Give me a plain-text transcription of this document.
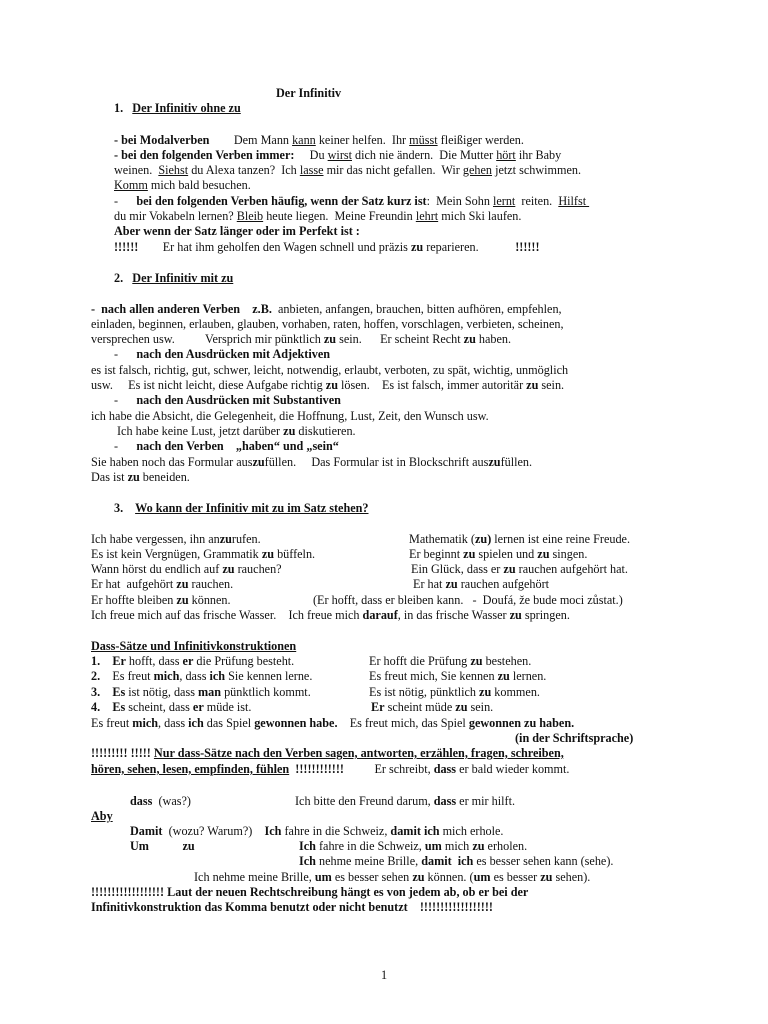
Der Infinitiv
1.   Der Infinitiv ohne zu
- bei Modalverben        Dem Mann kann keiner helfen.  Ihr müsst fleißiger werden.
- bei den folgenden Verben immer:     Du wirst dich nie ändern.  Die Mutter hört ihr Baby
weinen.  Siehst du Alexa tanzen?  Ich lasse mir das nicht gefallen.  Wir gehen jetzt schwimmen.
Komm mich bald besuchen.
-      bei den folgenden Verben häufig, wenn der Satz kurz ist:  Mein Sohn lernt  reiten.  Hilfst
du mir Vokabeln lernen? Bleib heute liegen.  Meine Freundin lehrt mich Ski laufen.
Aber wenn der Satz länger oder im Perfekt ist :
!!!!!!        Er hat ihm geholfen den Wagen schnell und präzis zu reparieren.            !!!!!!
2.   Der Infinitiv mit zu
-  nach allen anderen Verben    z.B.  anbieten, anfangen, brauchen, bitten aufhören, empfehlen,
einladen, beginnen, erlauben, glauben, vorhaben, raten, hoffen, vorschlagen, verbieten, scheinen,
versprechen usw.          Versprich mir pünktlich zu sein.      Er scheint Recht zu haben.
-      nach den Ausdrücken mit Adjektiven
es ist falsch, richtig, gut, schwer, leicht, notwendig, erlaubt, verboten, zu spät, wichtig, unmöglich
usw.     Es ist nicht leicht, diese Aufgabe richtig zu lösen.    Es ist falsch, immer autoritär zu sein.
-      nach den Ausdrücken mit Substantiven
ich habe die Absicht, die Gelegenheit, die Hoffnung, Lust, Zeit, den Wunsch usw.
Ich habe keine Lust, jetzt darüber zu diskutieren.
-      nach den Verben    „haben“ und „sein“
Sie haben noch das Formular auszufüllen.     Das Formular ist in Blockschrift auszufüllen.
Das ist zu beneiden.
3.    Wo kann der Infinitiv mit zu im Satz stehen?
Ich habe vergessen, ihn anzurufen.	Mathematik (zu) lernen ist eine reine Freude.
Es ist kein Vergnügen, Grammatik zu büffeln.	Er beginnt zu spielen und zu singen.
Wann hörst du endlich auf zu rauchen?	Ein Glück, dass er zu rauchen aufgehört hat.
Er hat  aufgehört zu rauchen.	Er hat zu rauchen aufgehört
Er hoffte bleiben zu können.	(Er hofft, dass er bleiben kann.   -  Doufá, že bude moci zůstat.)
Ich freue mich auf das frische Wasser.    Ich freue mich darauf, in das frische Wasser zu springen.
Dass-Sätze und Infinitivkonstruktionen
1.    Er hofft, dass er die Prüfung besteht.	Er hofft die Prüfung zu bestehen.
2.    Es freut mich, dass ich Sie kennen lerne.	Es freut mich, Sie kennen zu lernen.
3.    Es ist nötig, dass man pünktlich kommt.	Es ist nötig, pünktlich zu kommen.
4.    Es scheint, dass er müde ist.	Er scheint müde zu sein.
Es freut mich, dass ich das Spiel gewonnen habe.    Es freut mich, das Spiel gewonnen zu haben.
(in der Schriftsprache)
!!!!!!!!! !!!!! Nur dass-Sätze nach den Verben sagen, antworten, erzählen, fragen, schreiben,
hören, sehen, lesen, empfinden, fühlen  !!!!!!!!!!!!          Er schreibt, dass er bald wieder kommt.
dass  (was?)	Ich bitte den Freund darum, dass er mir hilft.
Aby
Damit  (wozu? Warum?)    Ich fahre in die Schweiz, damit ich mich erhole.
Um	zu	Ich fahre in die Schweiz, um mich zu erholen.
Ich nehme meine Brille, damit  ich es besser sehen kann (sehe).
Ich nehme meine Brille, um es besser sehen zu können. (um es besser zu sehen).
!!!!!!!!!!!!!!!!!! Laut der neuen Rechtschreibung hängt es von jedem ab, ob er bei der
Infinitivkonstruktion das Komma benutzt oder nicht benutzt    !!!!!!!!!!!!!!!!!!
1
